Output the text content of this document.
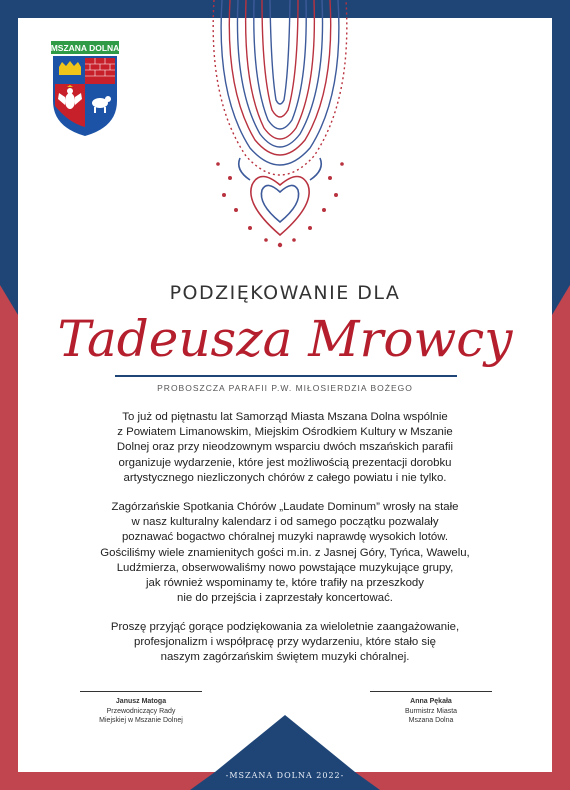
MSZANA DOLNA
PODZIĘKOWANIE DLA
Tadeusza Mrowcy
PROBOSZCZA PARAFII P.W. MIŁOSIERDZIA BOŻEGO
To już od piętnastu lat Samorząd Miasta Mszana Dolna wspólnie
z Powiatem Limanowskim, Miejskim Ośrodkiem Kultury w Mszanie
Dolnej oraz przy nieodzownym wsparciu dwóch mszańskich parafii
organizuje wydarzenie, które jest możliwością prezentacji dorobku
artystycznego niezliczonych chórów z całego powiatu i nie tylko.
Zagórzańskie Spotkania Chórów „Laudate Dominum” wrosły na stałe
w nasz kulturalny kalendarz i od samego początku pozwalały
poznawać bogactwo chóralnej muzyki naprawdę wysokich lotów.
Gościliśmy wiele znamienitych gości m.in. z Jasnej Góry, Tyńca, Wawelu,
Ludźmierza, obserwowaliśmy nowo powstające muzykujące grupy,
jak również wspominamy te, które trafiły na przeszkody
nie do przejścia i zaprzestały koncertować.
Proszę przyjąć gorące podziękowania za wieloletnie zaangażowanie,
profesjonalizm i współpracę przy wydarzeniu, które stało się
naszym zagórzańskim świętem muzyki chóralnej.
Janusz Matoga
Przewodniczący Rady
Miejskiej w Mszanie Dolnej
Anna Pękała
Burmistrz Miasta
Mszana Dolna
-MSZANA DOLNA 2022-
